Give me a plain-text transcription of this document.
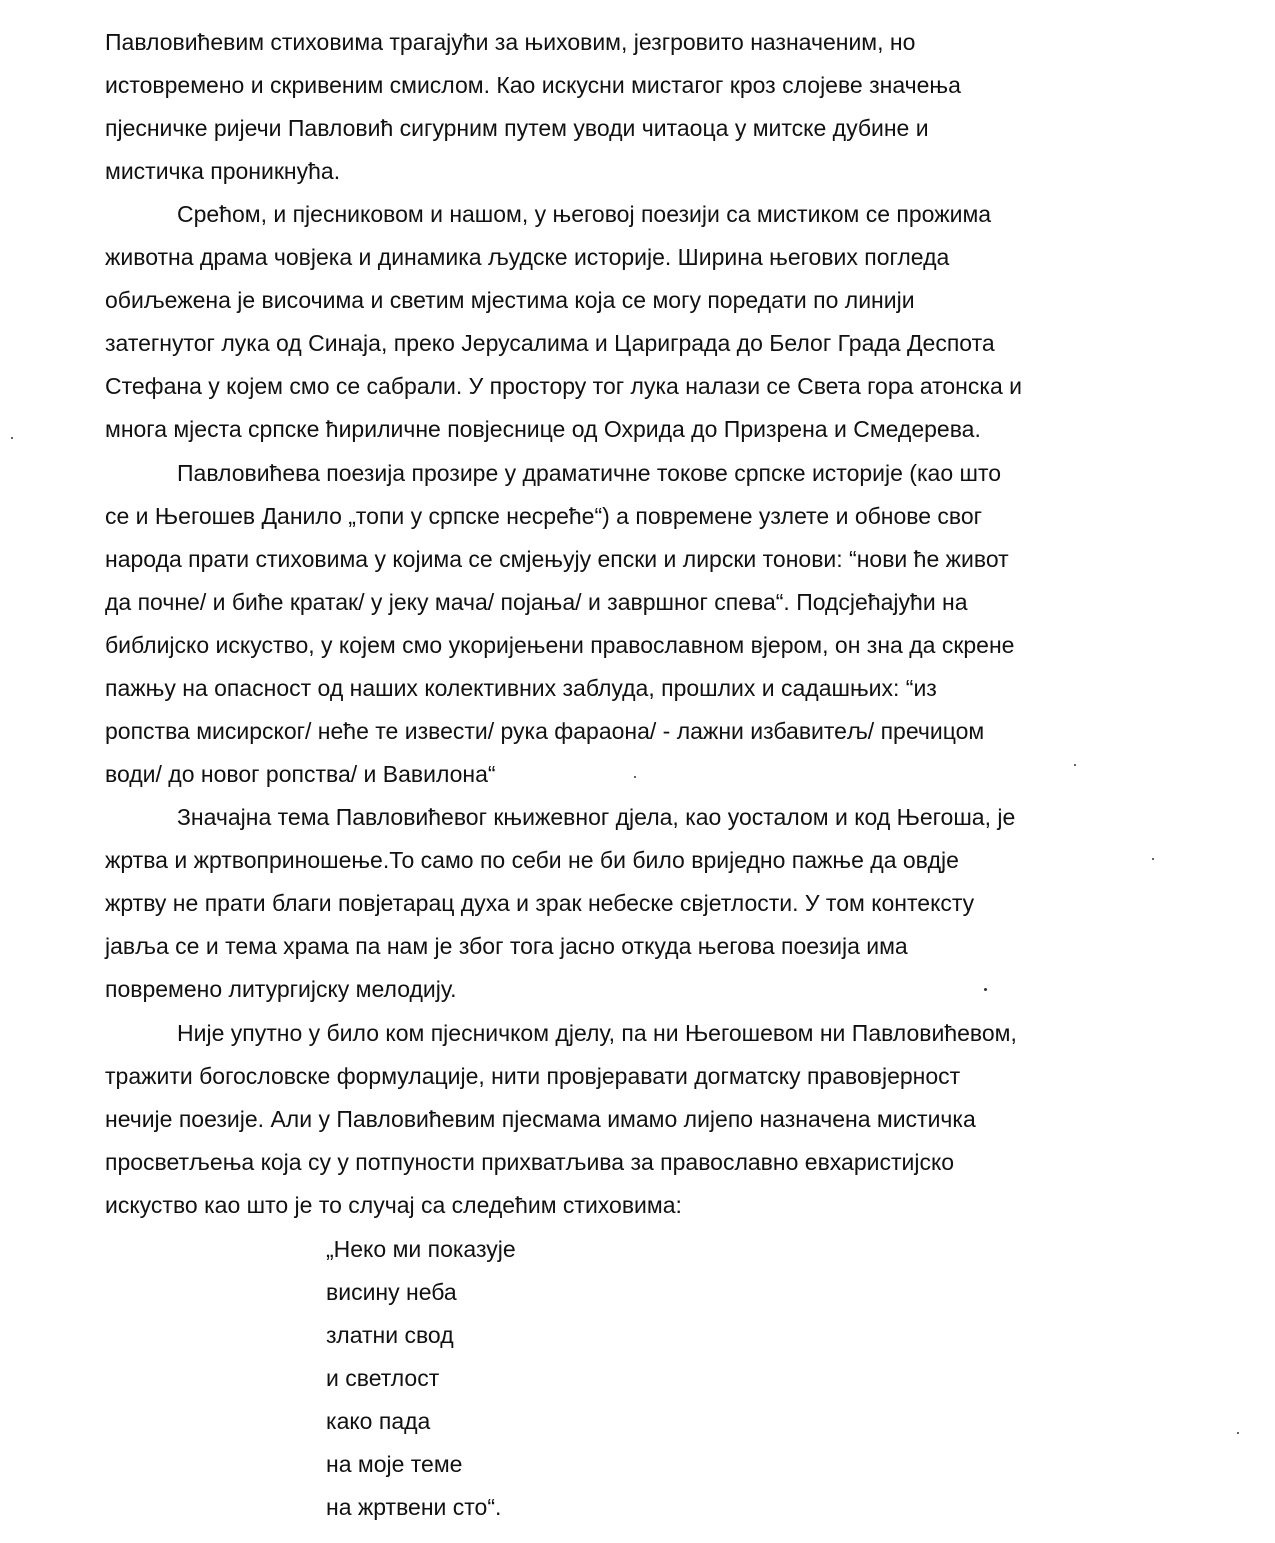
Павловићевим стиховима трагајући за њиховим, језгровито назначеним, но
истовремено и скривеним смислом. Као искусни мистагог кроз слојеве значења
пјесничке ријечи Павловић сигурним путем уводи читаоца у митске дубине и
мистичка проникнућа.
Срећом, и пјесниковом и нашом, у његовој поезији са мистиком се прожима
животна драма човјека и динамика људске историје. Ширина његових погледа
обиљежена је височима и светим мјестима која се могу поредати по линији
затегнутог лука од Синаја, преко Јерусалима и Цариграда до Белог Града Деспота
Стефана у којем смо се сабрали. У простору тог лука налази се Света гора атонска и
многа мјеста српске ћириличне повјеснице од Охрида до Призрена и Смедерева.
Павловићева поезија прозире у драматичне токове српске историје (као што
се и Његошев Данило „топи у српске несреће“) а повремене узлете и обнове свог
народа прати стиховима у којима се смјењују епски и лирски тонови: “нови ће живот
да почне/ и биће кратак/ у јеку мача/ појања/ и завршног спева“. Подсјећајући на
библијско искуство, у којем смо укоријењени православном вјером, он зна да скрене
пажњу на опасност од наших колективних заблуда, прошлих и садашњих: “из
ропства мисирског/ неће те извести/ рука фараона/ - лажни избавитељ/ пречицом
води/ до новог ропства/ и Вавилона“
Значајна тема Павловићевог књижевног дјела, као уосталом и код Његоша, је
жртва и жртвоприношење.То само по себи не би било вриједно пажње да овдје
жртву не прати благи повјетарац духа и зрак небеске свјетлости. У том контексту
јавља се и тема храма па нам је због тога јасно откуда његова поезија има
повремено литургијску мелодију.
Није упутно у било ком пјесничком дјелу, па ни Његошевом ни Павловићевом,
тражити богословске формулације, нити провјеравати догматску правовјерност
нечије поезије. Али у Павловићевим пјесмама имамо лијепо назначена мистичка
просветљења која су у потпуности прихватљива за православно евхаристијско
искуство као што је то случај са следећим стиховима:
„Неко ми показује
висину неба
златни свод
и светлост
како пада
на моје теме
на жртвени сто“.
